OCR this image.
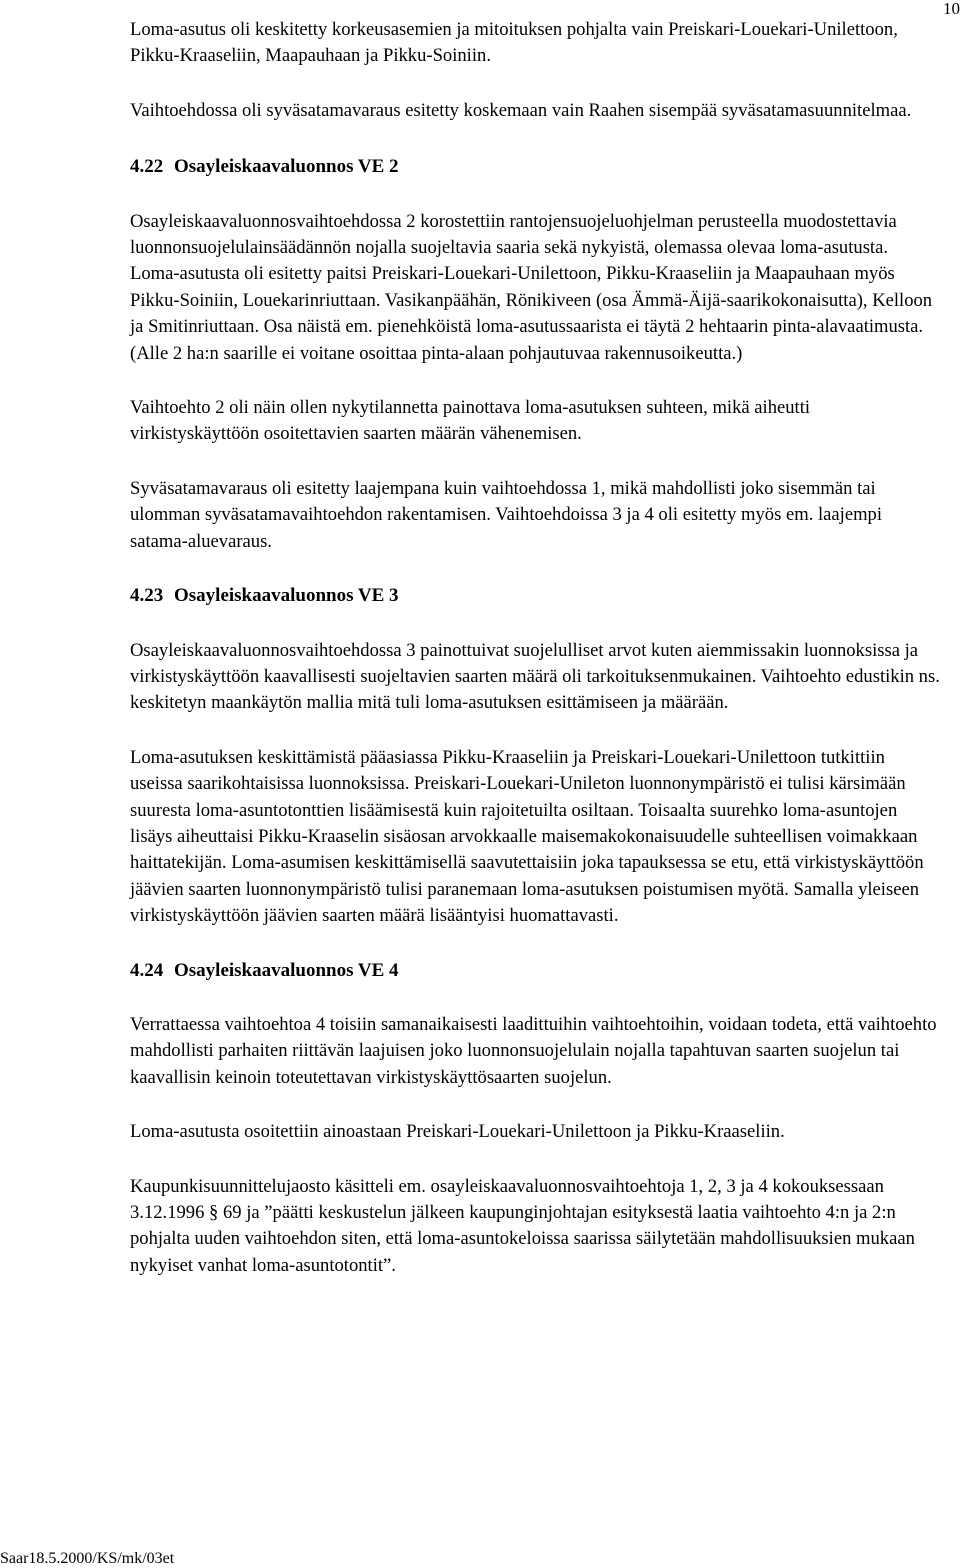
10

Loma-asutus oli keskitetty korkeusasemien ja mitoituksen pohjalta vain Preiskari-Louekari-Unilettoon, Pikku-Kraaseliin, Maapauhaan ja Pikku-Soiniin.

Vaihtoehdossa oli syväsatamavaraus esitetty koskemaan vain Raahen sisempää syväsatamasuunnitelmaa.

4.22 Osayleiskaavaluonnos VE 2

Osayleiskaavaluonnosvaihtoehdossa 2 korostettiin rantojensuojeluohjelman perusteella muodostettavia luonnonsuojelulainsäädännön nojalla suojeltavia saaria sekä nykyistä, olemassa olevaa loma-asutusta. Loma-asutusta oli esitetty paitsi Preiskari-Louekari-Unilettoon, Pikku-Kraaseliin ja Maapauhaan myös Pikku-Soiniin, Louekarinriuttaan. Vasikanpäähän, Rönikiveen (osa Ämmä-Äijä-saarikokonaisutta), Kelloon ja Smitinriuttaan. Osa näistä em. pienehköistä loma-asutussaarista ei täytä 2 hehtaarin pinta-alavaatimusta. (Alle 2 ha:n saarille ei voitane osoittaa pinta-alaan pohjautuvaa rakennusoikeutta.)

Vaihtoehto 2 oli näin ollen nykytilannetta painottava loma-asutuksen suhteen, mikä aiheutti virkistyskäyttöön osoitettavien saarten määrän vähenemisen.

Syväsatamavaraus oli esitetty laajempana kuin vaihtoehdossa 1, mikä mahdollisti joko sisemmän tai ulomman syväsatamavaihtoehdon rakentamisen. Vaihtoehdoissa 3 ja 4 oli esitetty myös em. laajempi satama-aluevaraus.

4.23 Osayleiskaavaluonnos VE 3

Osayleiskaavaluonnosvaihtoehdossa 3 painottuivat suojelulliset arvot kuten aiemmissakin luonnoksissa ja virkistyskäyttöön kaavallisesti suojeltavien saarten määrä oli tarkoituksenmukainen. Vaihtoehto edustikin ns. keskitetyn maankäytön mallia mitä tuli loma-asutuksen esittämiseen ja määrään.

Loma-asutuksen keskittämistä pääasiassa Pikku-Kraaseliin ja Preiskari-Louekari-Unilettoon tutkittiin useissa saarikohtaisissa luonnoksissa. Preiskari-Louekari-Unileton luonnonympäristö ei tulisi kärsimään suuresta loma-asuntotonttien lisäämisestä kuin rajoitetuilta osiltaan. Toisaalta suurehko loma-asuntojen lisäys aiheuttaisi Pikku-Kraaselin sisäosan arvokkaalle maisemakokonaisuudelle suhteellisen voimakkaan haittatekijän. Loma-asumisen keskittämisellä saavutettaisiin joka tapauksessa se etu, että virkistyskäyttöön jäävien saarten luonnonympäristö tulisi paranemaan loma-asutuksen poistumisen myötä. Samalla yleiseen virkistyskäyttöön jäävien saarten määrä lisääntyisi huomattavasti.

4.24 Osayleiskaavaluonnos VE 4

Verrattaessa vaihtoehtoa 4 toisiin samanaikaisesti laadittuihin vaihtoehtoihin, voidaan todeta, että vaihtoehto mahdollisti parhaiten riittävän laajuisen joko luonnonsuojelulain nojalla tapahtuvan saarten suojelun tai kaavallisin keinoin toteutettavan virkistyskäyttösaarten suojelun.

Loma-asutusta osoitettiin ainoastaan Preiskari-Louekari-Unilettoon ja Pikku-Kraaseliin.

Kaupunkisuunnittelujaosto käsitteli em. osayleiskaavaluonnosvaihtoehtoja 1, 2, 3 ja 4 kokouksessaan 3.12.1996 § 69 ja ”päätti keskustelun jälkeen kaupunginjohtajan esityksestä laatia vaihtoehto 4:n ja 2:n pohjalta uuden vaihtoehdon siten, että loma-asuntokeloissa saarissa säilytetään mahdollisuuksien mukaan nykyiset vanhat loma-asuntotontit”.

Saar18.5.2000/KS/mk/03et
